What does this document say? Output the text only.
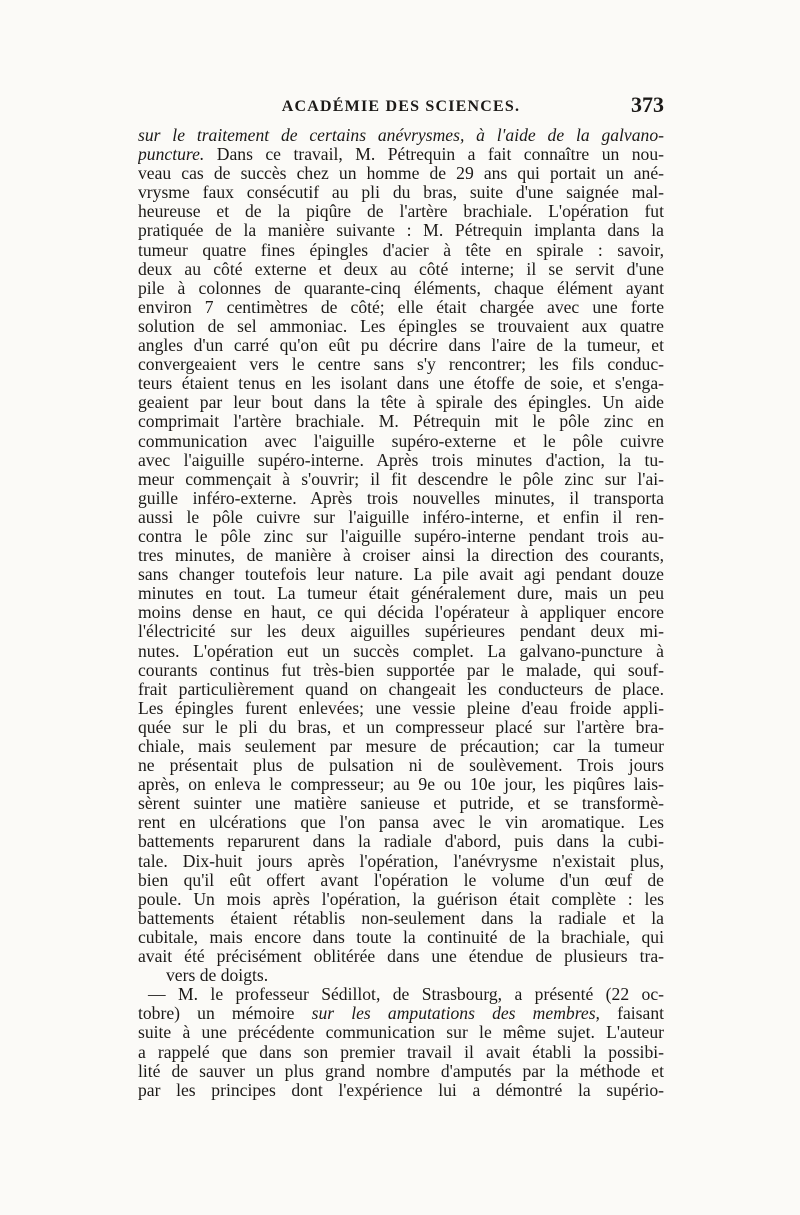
ACADÉMIE DES SCIENCES.	373
sur le traitement de certains anévrysmes, à l'aide de la galvano-
puncture. Dans ce travail, M. Pétrequin a fait connaître un nou-
veau cas de succès chez un homme de 29 ans qui portait un ané-
vrysme faux consécutif au pli du bras, suite d'une saignée mal-
heureuse et de la piqûre de l'artère brachiale. L'opération fut
pratiquée de la manière suivante : M. Pétrequin implanta dans la
tumeur quatre fines épingles d'acier à tête en spirale : savoir,
deux au côté externe et deux au côté interne; il se servit d'une
pile à colonnes de quarante-cinq éléments, chaque élément ayant
environ 7 centimètres de côté; elle était chargée avec une forte
solution de sel ammoniac. Les épingles se trouvaient aux quatre
angles d'un carré qu'on eût pu décrire dans l'aire de la tumeur, et
convergeaient vers le centre sans s'y rencontrer; les fils conduc-
teurs étaient tenus en les isolant dans une étoffe de soie, et s'enga-
geaient par leur bout dans la tête à spirale des épingles. Un aide
comprimait l'artère brachiale. M. Pétrequin mit le pôle zinc en
communication avec l'aiguille supéro-externe et le pôle cuivre
avec l'aiguille supéro-interne. Après trois minutes d'action, la tu-
meur commençait à s'ouvrir; il fit descendre le pôle zinc sur l'ai-
guille inféro-externe. Après trois nouvelles minutes, il transporta
aussi le pôle cuivre sur l'aiguille inféro-interne, et enfin il ren-
contra le pôle zinc sur l'aiguille supéro-interne pendant trois au-
tres minutes, de manière à croiser ainsi la direction des courants,
sans changer toutefois leur nature. La pile avait agi pendant douze
minutes en tout. La tumeur était généralement dure, mais un peu
moins dense en haut, ce qui décida l'opérateur à appliquer encore
l'électricité sur les deux aiguilles supérieures pendant deux mi-
nutes. L'opération eut un succès complet. La galvano-puncture à
courants continus fut très-bien supportée par le malade, qui souf-
frait particulièrement quand on changeait les conducteurs de place.
Les épingles furent enlevées; une vessie pleine d'eau froide appli-
quée sur le pli du bras, et un compresseur placé sur l'artère bra-
chiale, mais seulement par mesure de précaution; car la tumeur
ne présentait plus de pulsation ni de soulèvement. Trois jours
après, on enleva le compresseur; au 9e ou 10e jour, les piqûres lais-
sèrent suinter une matière sanieuse et putride, et se transformè-
rent en ulcérations que l'on pansa avec le vin aromatique. Les
battements reparurent dans la radiale d'abord, puis dans la cubi-
tale. Dix-huit jours après l'opération, l'anévrysme n'existait plus,
bien qu'il eût offert avant l'opération le volume d'un œuf de
poule. Un mois après l'opération, la guérison était complète : les
battements étaient rétablis non-seulement dans la radiale et la
cubitale, mais encore dans toute la continuité de la brachiale, qui
avait été précisément oblitérée dans une étendue de plusieurs tra-
vers de doigts.
— M. le professeur Sédillot, de Strasbourg, a présenté (22 oc-
tobre) un mémoire sur les amputations des membres, faisant
suite à une précédente communication sur le même sujet. L'auteur
a rappelé que dans son premier travail il avait établi la possibi-
lité de sauver un plus grand nombre d'amputés par la méthode et
par les principes dont l'expérience lui a démontré la supério-
